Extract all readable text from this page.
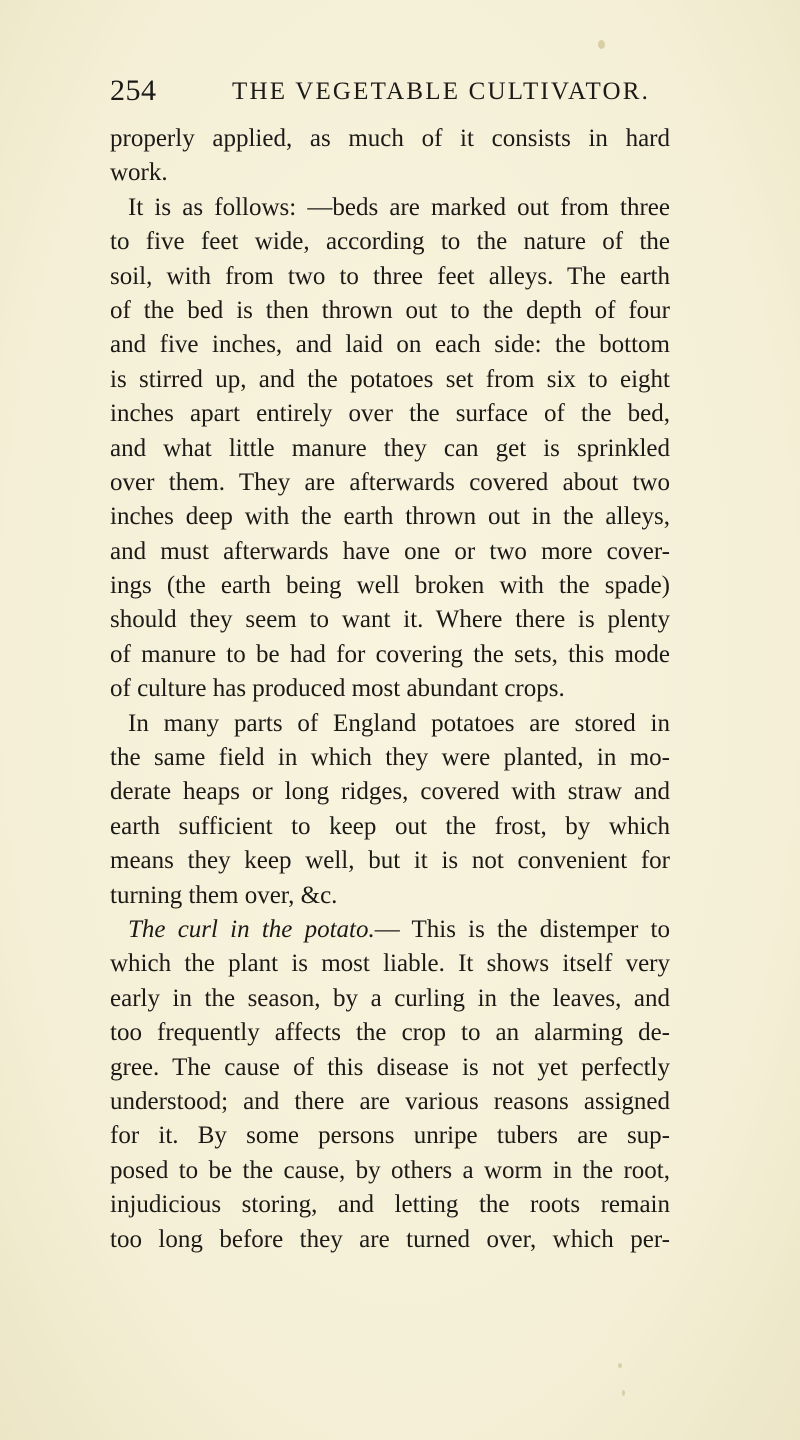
254	THE VEGETABLE CULTIVATOR.
properly applied, as much of it consists in hard
work.
It is as follows: —beds are marked out from three
to five feet wide, according to the nature of the
soil, with from two to three feet alleys. The earth
of the bed is then thrown out to the depth of four
and five inches, and laid on each side: the bottom
is stirred up, and the potatoes set from six to eight
inches apart entirely over the surface of the bed,
and what little manure they can get is sprinkled
over them. They are afterwards covered about two
inches deep with the earth thrown out in the alleys,
and must afterwards have one or two more cover-
ings (the earth being well broken with the spade)
should they seem to want it. Where there is plenty
of manure to be had for covering the sets, this mode
of culture has produced most abundant crops.
In many parts of England potatoes are stored in
the same field in which they were planted, in mo-
derate heaps or long ridges, covered with straw and
earth sufficient to keep out the frost, by which
means they keep well, but it is not convenient for
turning them over, &c.
The curl in the potato.— This is the distemper to
which the plant is most liable. It shows itself very
early in the season, by a curling in the leaves, and
too frequently affects the crop to an alarming de-
gree. The cause of this disease is not yet perfectly
understood; and there are various reasons assigned
for it. By some persons unripe tubers are sup-
posed to be the cause, by others a worm in the root,
injudicious storing, and letting the roots remain
too long before they are turned over, which per-
